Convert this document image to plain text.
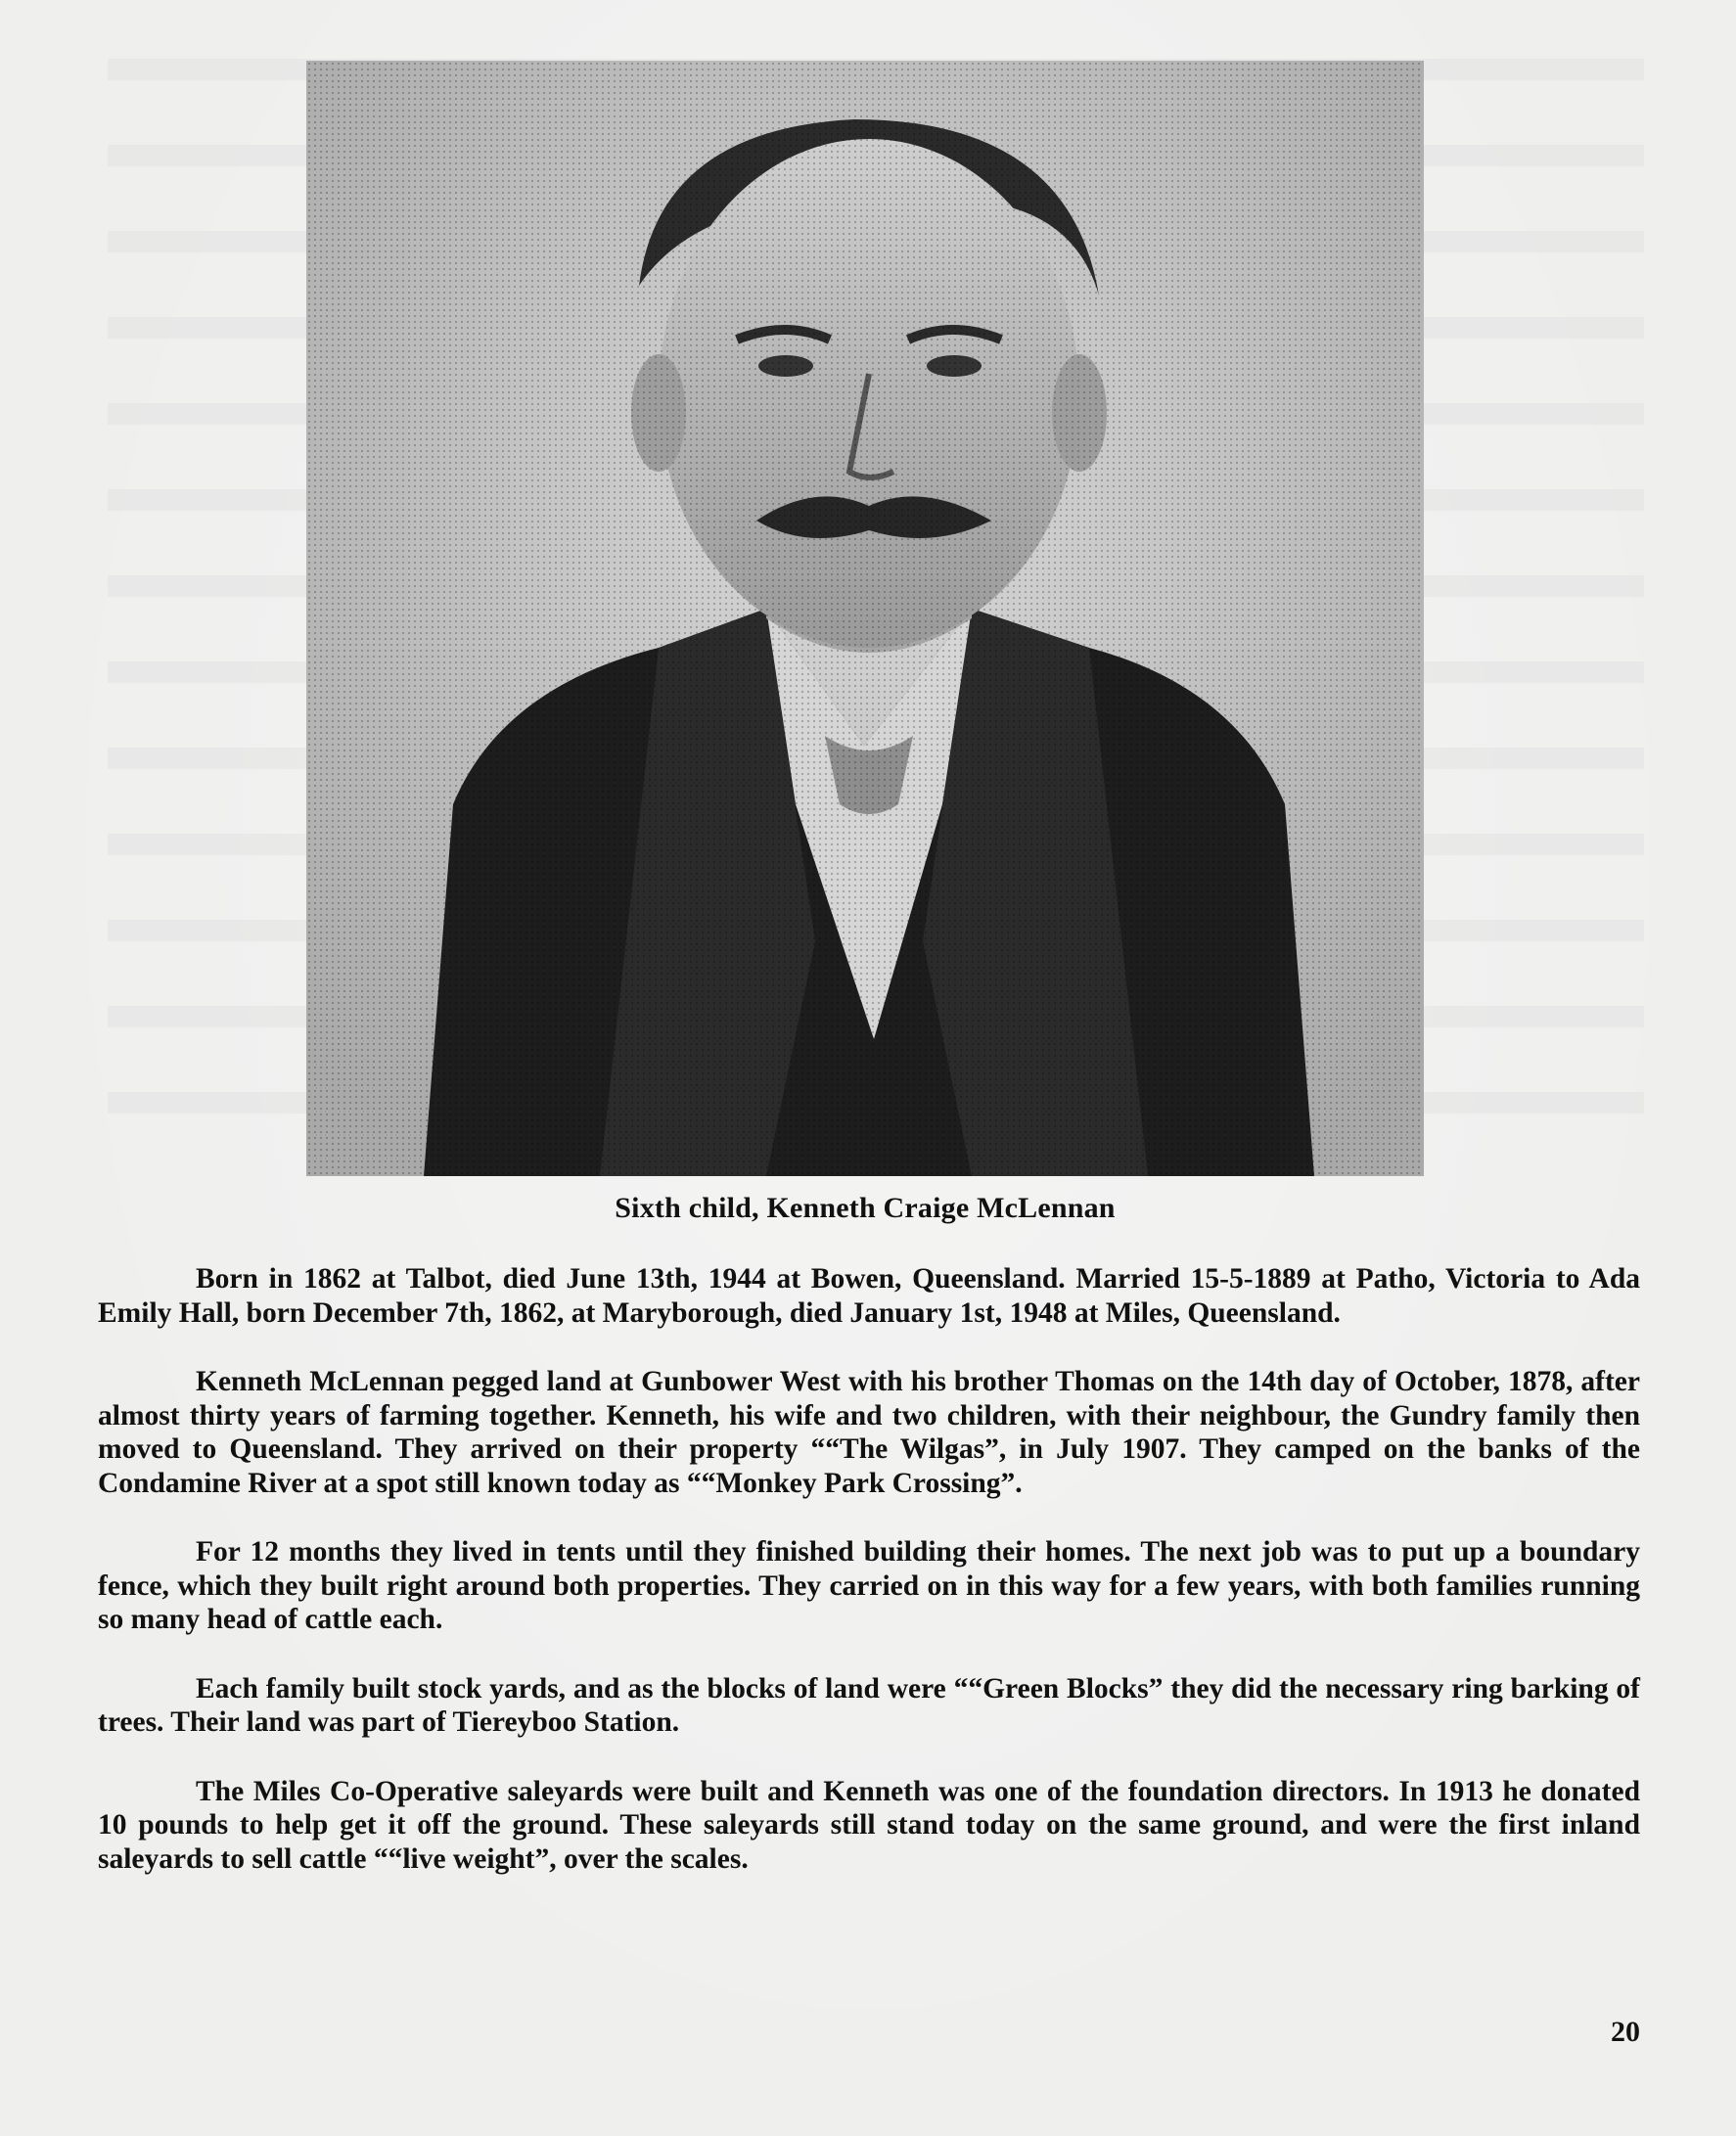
Sixth child, Kenneth Craige McLennan

Born in 1862 at Talbot, died June 13th, 1944 at Bowen, Queensland. Married 15-5-1889 at Patho, Victoria to Ada Emily Hall, born December 7th, 1862, at Maryborough, died January 1st, 1948 at Miles, Queensland.

Kenneth McLennan pegged land at Gunbower West with his brother Thomas on the 14th day of October, 1878, after almost thirty years of farming together. Kenneth, his wife and two children, with their neighbour, the Gundry family then moved to Queensland. They arrived on their property ““The Wilgas”, in July 1907. They camped on the banks of the Condamine River at a spot still known today as ““Monkey Park Crossing”.

For 12 months they lived in tents until they finished building their homes. The next job was to put up a boundary fence, which they built right around both properties. They carried on in this way for a few years, with both families running so many head of cattle each.

Each family built stock yards, and as the blocks of land were ““Green Blocks” they did the necessary ring barking of trees. Their land was part of Tiereyboo Station.

The Miles Co-Operative saleyards were built and Kenneth was one of the foundation directors. In 1913 he donated 10 pounds to help get it off the ground. These saleyards still stand today on the same ground, and were the first inland saleyards to sell cattle ““live weight”, over the scales.

20
